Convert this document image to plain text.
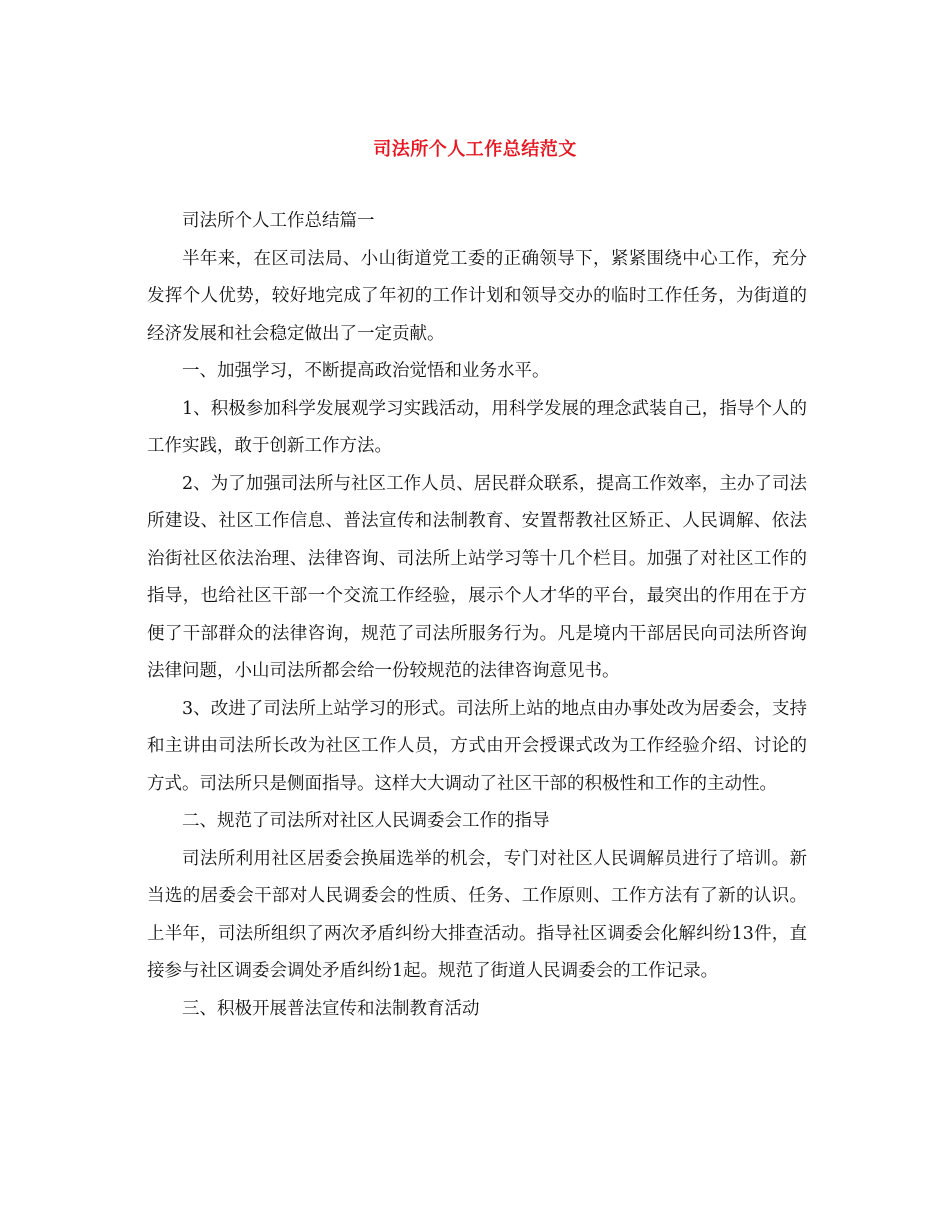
司法所个人工作总结范文

司法所个人工作总结篇一

半年来，在区司法局、小山街道党工委的正确领导下，紧紧围绕中心工作，充分发挥个人优势，较好地完成了年初的工作计划和领导交办的临时工作任务，为街道的经济发展和社会稳定做出了一定贡献。

一、加强学习，不断提高政治觉悟和业务水平。

1、积极参加科学发展观学习实践活动，用科学发展的理念武装自己，指导个人的工作实践，敢于创新工作方法。

2、为了加强司法所与社区工作人员、居民群众联系，提高工作效率，主办了司法所建设、社区工作信息、普法宣传和法制教育、安置帮教社区矫正、人民调解、依法治街社区依法治理、法律咨询、司法所上站学习等十几个栏目。加强了对社区工作的指导，也给社区干部一个交流工作经验，展示个人才华的平台，最突出的作用在于方便了干部群众的法律咨询，规范了司法所服务行为。凡是境内干部居民向司法所咨询法律问题，小山司法所都会给一份较规范的法律咨询意见书。

3、改进了司法所上站学习的形式。司法所上站的地点由办事处改为居委会，支持和主讲由司法所长改为社区工作人员，方式由开会授课式改为工作经验介绍、讨论的方式。司法所只是侧面指导。这样大大调动了社区干部的积极性和工作的主动性。

二、规范了司法所对社区人民调委会工作的指导

司法所利用社区居委会换届选举的机会，专门对社区人民调解员进行了培训。新当选的居委会干部对人民调委会的性质、任务、工作原则、工作方法有了新的认识。上半年，司法所组织了两次矛盾纠纷大排查活动。指导社区调委会化解纠纷13件，直接参与社区调委会调处矛盾纠纷1起。规范了街道人民调委会的工作记录。

三、积极开展普法宣传和法制教育活动
